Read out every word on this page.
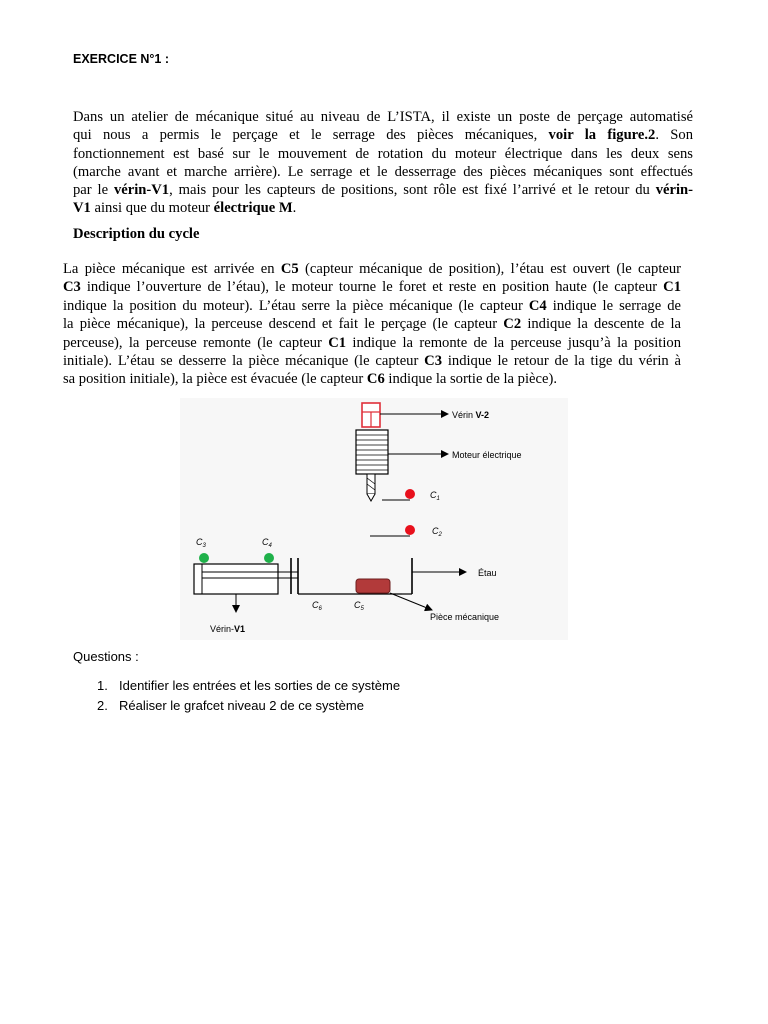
EXERCICE N°1 :
Dans un atelier de mécanique situé au niveau de L’ISTA, il existe un poste de perçage automatisé
qui nous a permis le perçage et le serrage des pièces mécaniques, voir la figure.2. Son
fonctionnement est basé sur le mouvement de rotation du moteur électrique dans les deux sens
(marche avant et marche arrière). Le serrage et le desserrage des pièces mécaniques sont effectués
par le vérin-V1, mais pour les capteurs de positions, sont rôle est fixé l’arrivé et le retour du vérin-
V1 ainsi que du moteur électrique M.
Description du cycle
La pièce mécanique est arrivée en C5 (capteur mécanique de position), l’étau est ouvert (le capteur
C3 indique l’ouverture de l’étau), le moteur tourne le foret et reste en position haute (le capteur C1
indique la position du moteur). L’étau serre la pièce mécanique (le capteur C4 indique le serrage de
la pièce mécanique), la perceuse descend et fait le perçage (le capteur C2 indique la descente de la
perceuse), la perceuse remonte (le capteur C1 indique la remonte de la perceuse jusqu’à la position
initiale). L’étau se desserre la pièce mécanique (le capteur C3 indique le retour de la tige du vérin à
sa position initiale), la pièce est évacuée (le capteur C6 indique la sortie de la pièce).
Vérin V-2
Moteur électrique
$C_1$
$C_2$
$C_3$	$C_4$
Vérin-V1
Étau
Pièce mécanique
$C_6$	$C_5$
Questions :
1. Identifier les entrées et les sorties de ce système
2. Réaliser le grafcet niveau 2 de ce système
